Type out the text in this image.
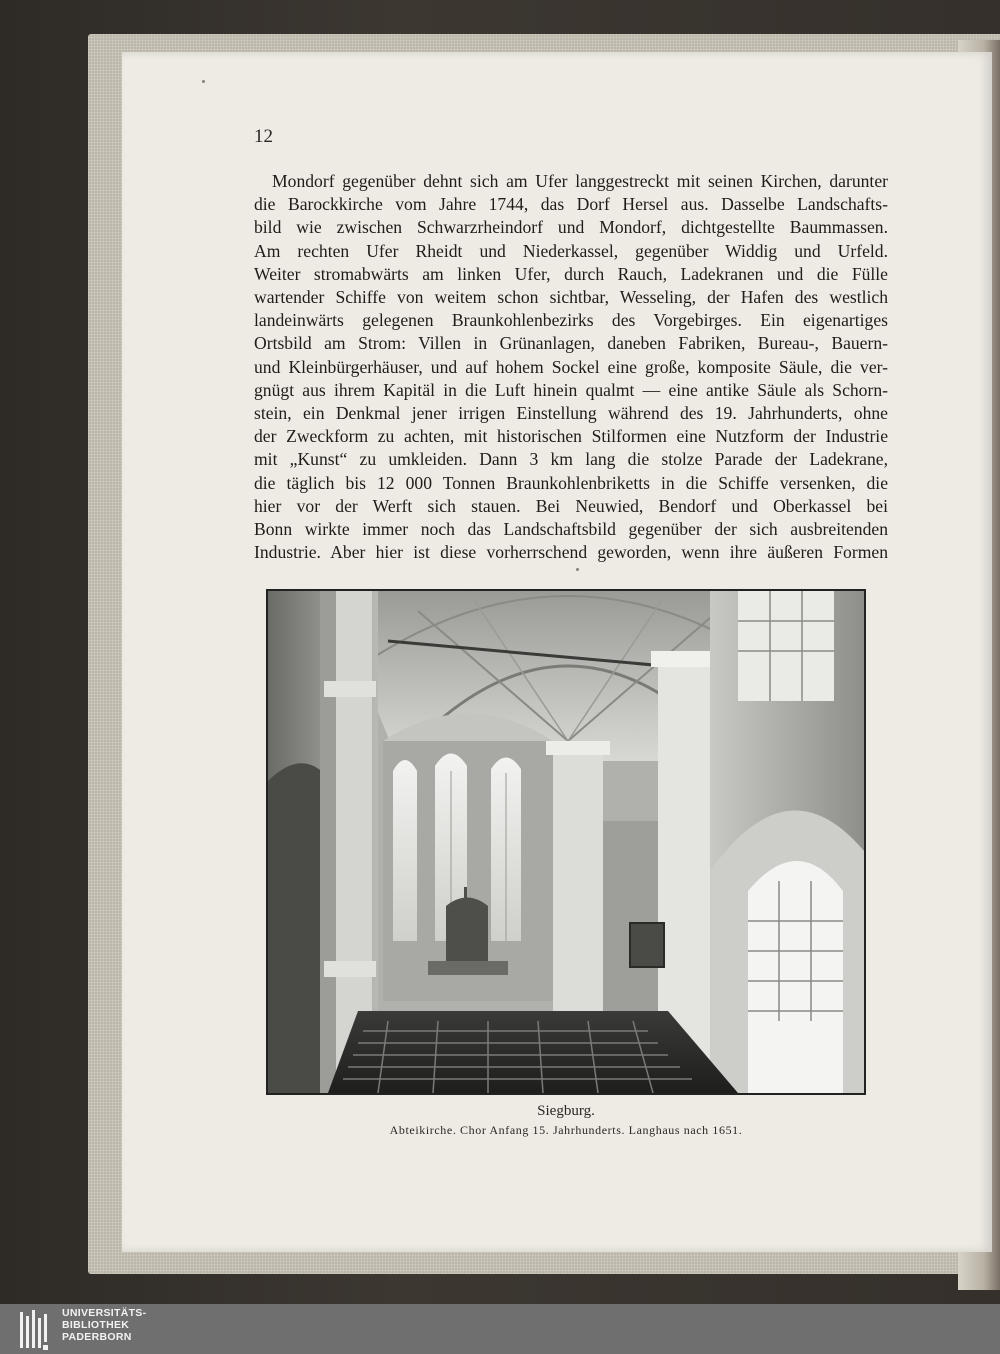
12
Mondorf gegenüber dehnt sich am Ufer langgestreckt mit seinen Kirchen, darunter
die Barockkirche vom Jahre 1744, das Dorf Hersel aus. Dasselbe Landschafts-
bild wie zwischen Schwarzrheindorf und Mondorf, dichtgestellte Baummassen.
Am rechten Ufer Rheidt und Niederkassel, gegenüber Widdig und Urfeld.
Weiter stromabwärts am linken Ufer, durch Rauch, Ladekranen und die Fülle
wartender Schiffe von weitem schon sichtbar, Wesseling, der Hafen des westlich
landeinwärts gelegenen Braunkohlenbezirks des Vorgebirges. Ein eigenartiges
Ortsbild am Strom: Villen in Grünanlagen, daneben Fabriken, Bureau-, Bauern-
und Kleinbürgerhäuser, und auf hohem Sockel eine große, komposite Säule, die ver-
gnügt aus ihrem Kapitäl in die Luft hinein qualmt — eine antike Säule als Schorn-
stein, ein Denkmal jener irrigen Einstellung während des 19. Jahrhunderts, ohne
der Zweckform zu achten, mit historischen Stilformen eine Nutzform der Industrie
mit „Kunst“ zu umkleiden. Dann 3 km lang die stolze Parade der Ladekrane,
die täglich bis 12 000 Tonnen Braunkohlenbriketts in die Schiffe versenken, die
hier vor der Werft sich stauen. Bei Neuwied, Bendorf und Oberkassel bei
Bonn wirkte immer noch das Landschaftsbild gegenüber der sich ausbreitenden
Industrie. Aber hier ist diese vorherrschend geworden, wenn ihre äußeren Formen
Siegburg.
Abteikirche. Chor Anfang 15. Jahrhunderts. Langhaus nach 1651.
UNIVERSITÄTS-
BIBLIOTHEK
PADERBORN
